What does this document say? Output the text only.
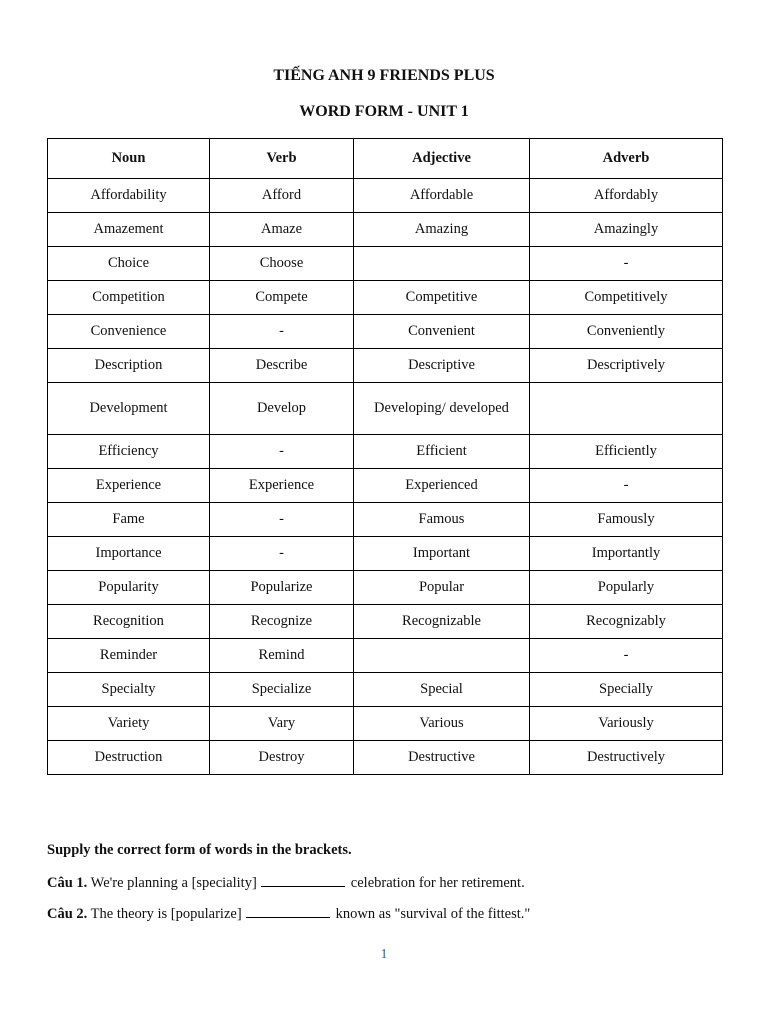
TIẾNG ANH 9 FRIENDS PLUS
WORD FORM - UNIT 1
Noun	Verb	Adjective	Adverb
Affordability	Afford	Affordable	Affordably
Amazement	Amaze	Amazing	Amazingly
Choice	Choose		-
Competition	Compete	Competitive	Competitively
Convenience	-	Convenient	Conveniently
Description	Describe	Descriptive	Descriptively
Development	Develop	Developing/ developed	
Efficiency	-	Efficient	Efficiently
Experience	Experience	Experienced	-
Fame	-	Famous	Famously
Importance	-	Important	Importantly
Popularity	Popularize	Popular	Popularly
Recognition	Recognize	Recognizable	Recognizably
Reminder	Remind		-
Specialty	Specialize	Special	Specially
Variety	Vary	Various	Variously
Destruction	Destroy	Destructive	Destructively
Supply the correct form of words in the brackets.
Câu 1. We're planning a [speciality]	celebration for her retirement.
Câu 2. The theory is [popularize]	known as "survival of the fittest."
1
